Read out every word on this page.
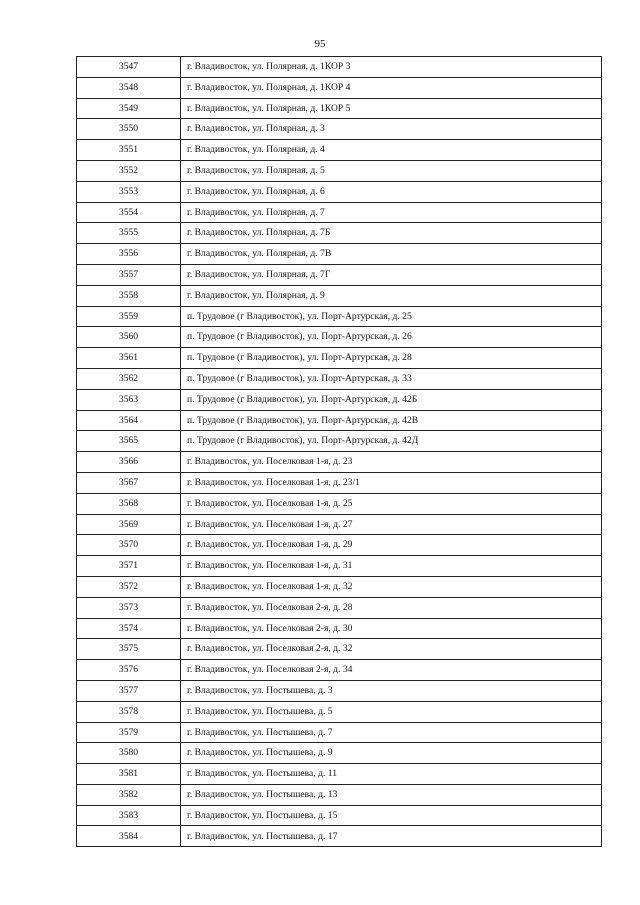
95
3547	г. Владивосток, ул. Полярная, д. 1КОР 3
3548	г. Владивосток, ул. Полярная, д. 1КОР 4
3549	г. Владивосток, ул. Полярная, д. 1КОР 5
3550	г. Владивосток, ул. Полярная, д. 3
3551	г. Владивосток, ул. Полярная, д. 4
3552	г. Владивосток, ул. Полярная, д. 5
3553	г. Владивосток, ул. Полярная, д. 6
3554	г. Владивосток, ул. Полярная, д. 7
3555	г. Владивосток, ул. Полярная, д. 7Б
3556	г. Владивосток, ул. Полярная, д. 7В
3557	г. Владивосток, ул. Полярная, д. 7Г
3558	г. Владивосток, ул. Полярная, д. 9
3559	п. Трудовое (г Владивосток), ул. Порт-Артурская, д. 25
3560	п. Трудовое (г Владивосток), ул. Порт-Артурская, д. 26
3561	п. Трудовое (г Владивосток), ул. Порт-Артурская, д. 28
3562	п. Трудовое (г Владивосток), ул. Порт-Артурская, д. 33
3563	п. Трудовое (г Владивосток), ул. Порт-Артурская, д. 42Б
3564	п. Трудовое (г Владивосток), ул. Порт-Артурская, д. 42В
3565	п. Трудовое (г Владивосток), ул. Порт-Артурская, д. 42Д
3566	г. Владивосток, ул. Поселковая 1-я, д. 23
3567	г. Владивосток, ул. Поселковая 1-я, д. 23/1
3568	г. Владивосток, ул. Поселковая 1-я, д. 25
3569	г. Владивосток, ул. Поселковая 1-я, д. 27
3570	г. Владивосток, ул. Поселковая 1-я, д. 29
3571	г. Владивосток, ул. Поселковая 1-я, д. 31
3572	г. Владивосток, ул. Поселковая 1-я, д. 32
3573	г. Владивосток, ул. Поселковая 2-я, д. 28
3574	г. Владивосток, ул. Поселковая 2-я, д. 30
3575	г. Владивосток, ул. Поселковая 2-я, д. 32
3576	г. Владивосток, ул. Поселковая 2-я, д. 34
3577	г. Владивосток, ул. Постышева, д. 3
3578	г. Владивосток, ул. Постышева, д. 5
3579	г. Владивосток, ул. Постышева, д. 7
3580	г. Владивосток, ул. Постышева, д. 9
3581	г. Владивосток, ул. Постышева, д. 11
3582	г. Владивосток, ул. Постышева, д. 13
3583	г. Владивосток, ул. Постышева, д. 15
3584	г. Владивосток, ул. Постышева, д. 17
